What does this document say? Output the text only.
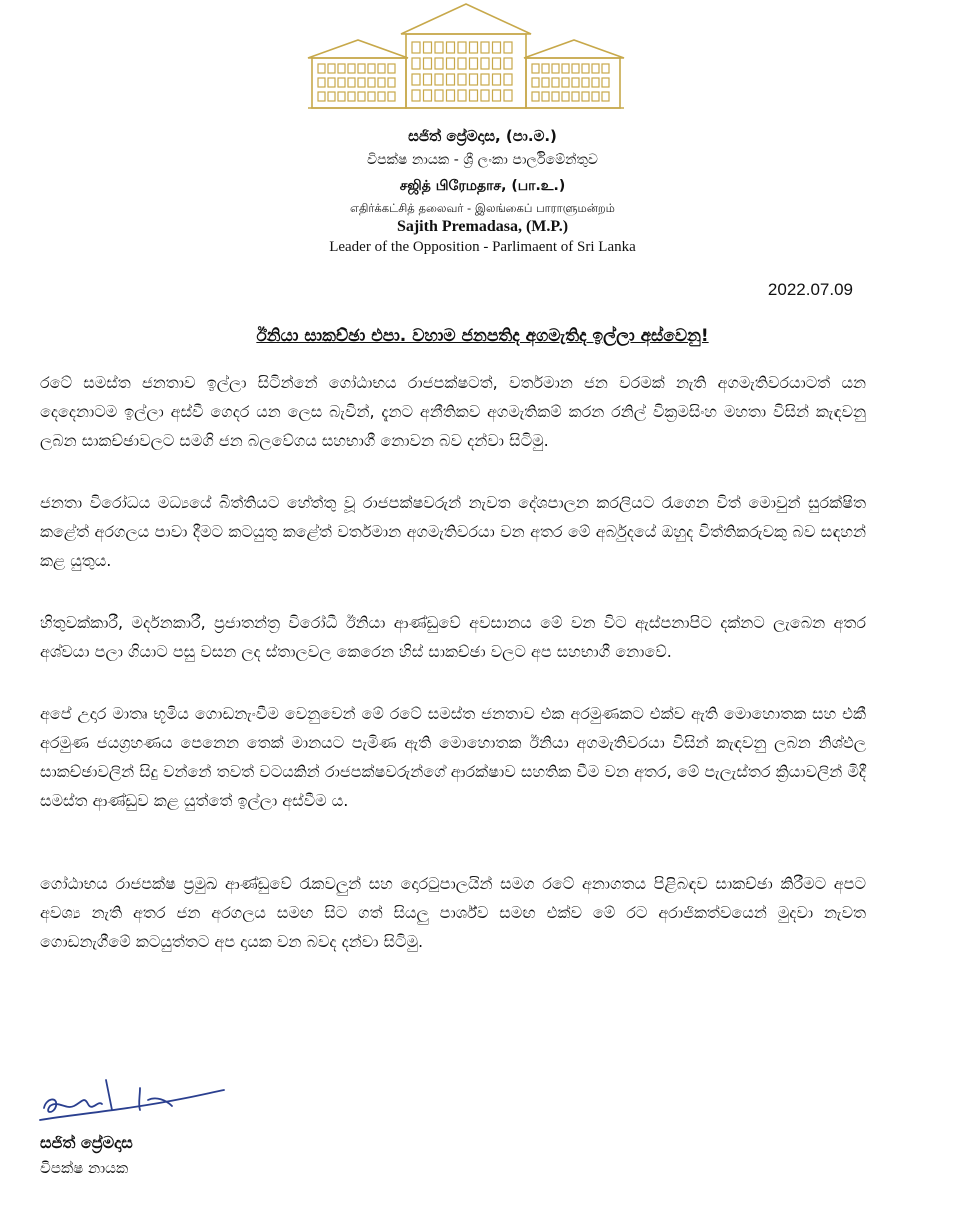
සජිත් ප්‍රේමදාස, (පා.ම.)
විපක්ෂ නායක - ශ්‍රී ලංකා පාර්ලිමේන්තුව
சஜித் பிரேமதாச, (பா.உ.)
எதிர்க்கட்சித் தலைவர் - இலங்கைப் பாராளுமன்றம்
Sajith Premadasa, (M.P.)
Leader of the Opposition - Parlimaent of Sri Lanka
2022.07.09
ඊනියා සාකච්ඡා එපා. වහාම ජනපතිද අගමැතිද ඉල්ලා අස්වෙනු!

රටේ සමස්ත ජනතාව ඉල්ලා සිටින්නේ ගෝඨාභය රාජපක්ෂටත්, වර්තමාන ජන වරමක් නැති අගමැතිවරයාටත් යන දෙදෙනාටම ඉල්ලා අස්වී ගෙදර යන ලෙස බැවින්, දැනට අනීතිකව අගමැතිකම් කරන රනිල් වික්‍රමසිංහ මහතා විසින් කැඳවනු ලබන සාකච්ඡාවලට සමගි ජන බලවේගය සහභාගී නොවන බව දන්වා සිටිමු.

ජනතා විරෝධය මධ්‍යයේ බිත්තියට හේත්තු වූ රාජපක්ෂවරුන් නැවත දේශපාලන කරලියට රැගෙන විත් මොවුන් සුරක්ෂිත කළේත් අරගලය පාවා දීමට කටයුතු කළේත් වර්තමාන අගමැතිවරයා වන අතර මේ අර්බුදයේ ඔහුද විත්තිකරුවකු බව සඳහන් කළ යුතුය.

හිතුවක්කාරී, මර්දනකාරී, ප්‍රජාතන්ත්‍ර විරෝධී ඊනියා ආණ්ඩුවේ අවසානය මේ වන විට ඇස්පනාපිට දක්නට ලැබෙන අතර අශ්වයා පලා ගියාට පසු වසන ලද ස්තාලවල කෙරෙන හිස් සාකච්ඡා වලට අප සහභාගී නොවේ.

අපේ උදාර මාතෘ භූමිය ගොඩනැංවීම වෙනුවෙන් මේ රටේ සමස්ත ජනතාව එක අරමුණකට එක්ව ඇති මොහොතක සහ එකී අරමුණ ජයග්‍රහණය පෙනෙන තෙක් මානයට පැමිණ ඇති මොහොතක ඊනියා අගමැතිවරයා විසින් කැඳවනු ලබන නිශ්ඵල සාකච්ඡාවලින් සිදු වන්නේ තවත් වටයකින් රාජපක්ෂවරුන්ගේ ආරක්ෂාව සහතික වීම වන අතර, මේ පැලැස්තර ක්‍රියාවලින් මිදී සමස්ත ආණ්ඩුව කළ යුත්තේ ඉල්ලා අස්වීම ය.

ගෝඨාභය රාජපක්ෂ ප්‍රමුඛ ආණ්ඩුවේ රැකවලුන් සහ දොරටුපාලයින් සමග රටේ අනාගතය පිළිබඳව සාකච්ඡා කිරීමට අපට අවශ්‍ය නැති අතර ජන අරගලය සමඟ සිට ගත් සියලු පාර්ශ්ව සමඟ එක්ව මේ රට අරාජිකත්වයෙන් මුදවා නැවත ගොඩනැගීමේ කටයුත්තට අප දායක වන බවද දන්වා සිටිමු.

සජිත් ප්‍රේමදාස
විපක්ෂ නායක
